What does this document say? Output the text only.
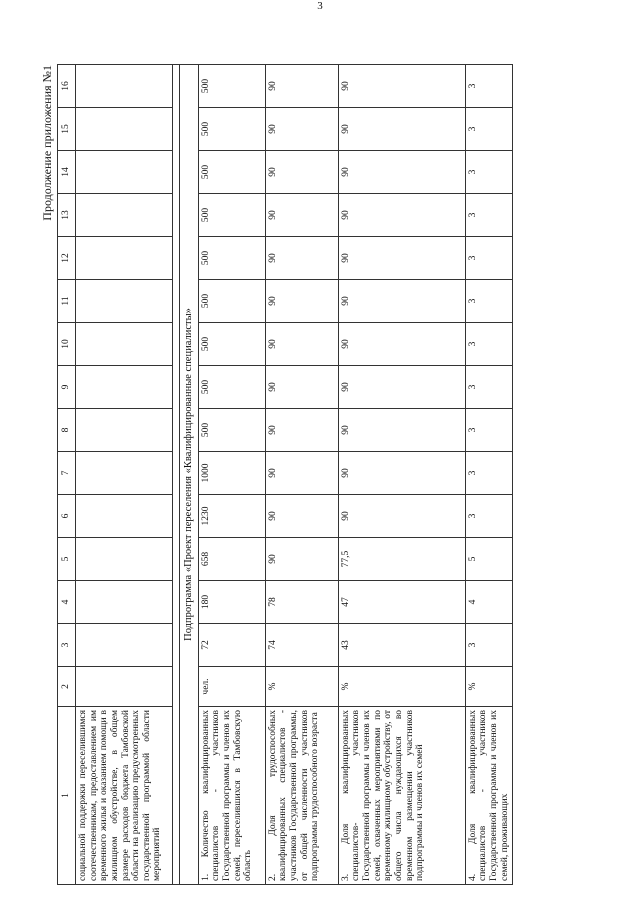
3
Продолжение приложения №1
1	2	3	4	5	6	7	8	9	10	11	12	13	14	15	16
социальной поддержки переселившимся соотечественникам, предоставлением им временного жилья и оказанием помощи в жилищном обустройстве, в общем размере расходов бюджета Тамбовской области на реализацию предусмотренных государственной программой области мероприятий															

Подпрограмма «Проект переселения «Квалифицированные специалисты»															
1. Количество квалифицированных специалистов - участников Государственной программы и членов их семей, переселившихся в Тамбовскую область	чел.	72	180	658	1230	1000	500	500	500	500	500	500	500	500	500
2. Доля трудоспособных квалифицированных специалистов - участников Государственной программы, от общей численности участников подпрограммы трудоспособного возраста	%	74	78	90	90	90	90	90	90	90	90	90	90	90	90
3. Доля квалифицированных специалистов- участников Государственной программы и членов их семей, охваченных мероприятиями по временному жилищному обустройству, от общего числа нуждающихся во временном размещении участников подпрограммы и членов их семей	%	43	47	77,5	90	90	90	90	90	90	90	90	90	90	90
4. Доля квалифицированных специалистов - участников Государственной программы и членов их семей, проживающих	%	3	4	5	3	3	3	3	3	3	3	3	3	3	3
